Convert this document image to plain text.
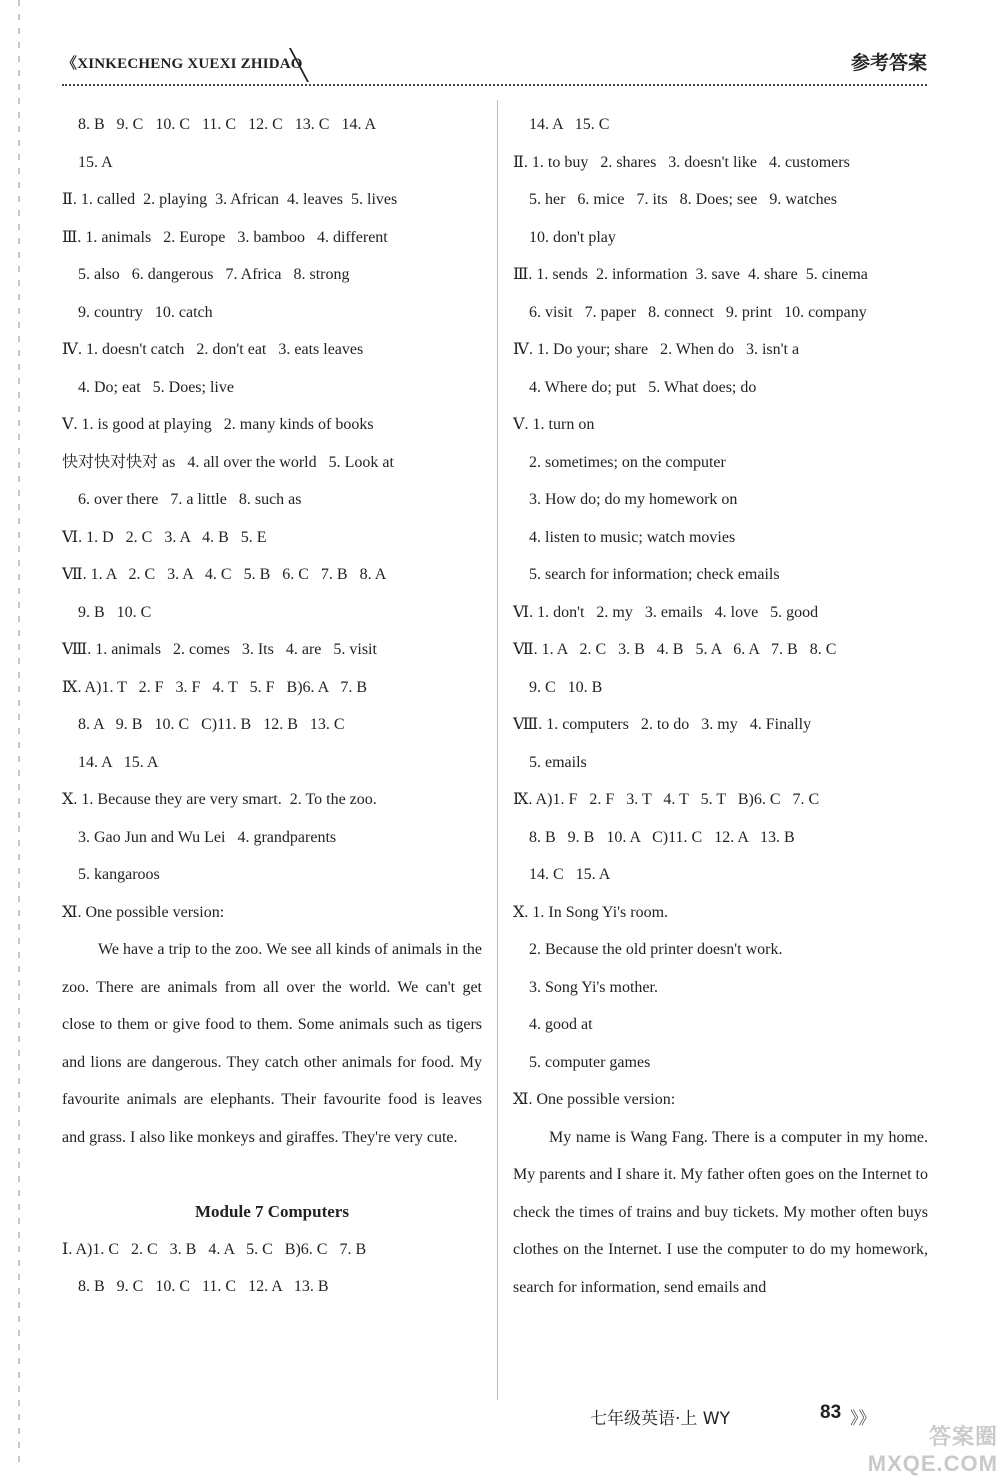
《XINKECHENG XUEXI ZHIDAO	参考答案
8. B   9. C   10. C   11. C   12. C   13. C   14. A
15. A
Ⅱ. 1. called  2. playing  3. African  4. leaves  5. lives
Ⅲ. 1. animals   2. Europe   3. bamboo   4. different
5. also   6. dangerous   7. Africa   8. strong
9. country   10. catch
Ⅳ. 1. doesn't catch   2. don't eat   3. eats leaves
4. Do; eat   5. Does; live
Ⅴ. 1. is good at playing   2. many kinds of books
快对快对快对 as   4. all over the world   5. Look at
6. over there   7. a little   8. such as
Ⅵ. 1. D   2. C   3. A   4. B   5. E
Ⅶ. 1. A   2. C   3. A   4. C   5. B   6. C   7. B   8. A
9. B   10. C
Ⅷ. 1. animals   2. comes   3. Its   4. are   5. visit
Ⅸ. A)1. T   2. F   3. F   4. T   5. F   B)6. A   7. B
8. A   9. B   10. C   C)11. B   12. B   13. C
14. A   15. A
Ⅹ. 1. Because they are very smart.  2. To the zoo.
3. Gao Jun and Wu Lei   4. grandparents
5. kangaroos
Ⅺ. One possible version:
We have a trip to the zoo. We see all kinds of animals in the zoo. There are animals from all over the world. We can't get close to them or give food to them. Some animals such as tigers and lions are dangerous. They catch other animals for food. My favourite animals are elephants. Their favourite food is leaves and grass. I also like monkeys and giraffes. They're very cute.
Module 7 Computers
Ⅰ. A)1. C   2. C   3. B   4. A   5. C   B)6. C   7. B
8. B   9. C   10. C   11. C   12. A   13. B
14. A   15. C
Ⅱ. 1. to buy   2. shares   3. doesn't like   4. customers
5. her   6. mice   7. its   8. Does; see   9. watches
10. don't play
Ⅲ. 1. sends  2. information  3. save  4. share  5. cinema
6. visit   7. paper   8. connect   9. print   10. company
Ⅳ. 1. Do your; share   2. When do   3. isn't a
4. Where do; put   5. What does; do
Ⅴ. 1. turn on
2. sometimes; on the computer
3. How do; do my homework on
4. listen to music; watch movies
5. search for information; check emails
Ⅵ. 1. don't   2. my   3. emails   4. love   5. good
Ⅶ. 1. A   2. C   3. B   4. B   5. A   6. A   7. B   8. C
9. C   10. B
Ⅷ. 1. computers   2. to do   3. my   4. Finally
5. emails
Ⅸ. A)1. F   2. F   3. T   4. T   5. T   B)6. C   7. C
8. B   9. B   10. A   C)11. C   12. A   13. B
14. C   15. A
Ⅹ. 1. In Song Yi's room.
2. Because the old printer doesn't work.
3. Song Yi's mother.
4. good at
5. computer games
Ⅺ. One possible version:
My name is Wang Fang. There is a computer in my home. My parents and I share it. My father often goes on the Internet to check the times of trains and buy tickets. My mother often buys clothes on the Internet. I use the computer to do my homework, search for information, send emails and
七年级英语·上 WY	83 》》
答案圈 MXQE.COM
